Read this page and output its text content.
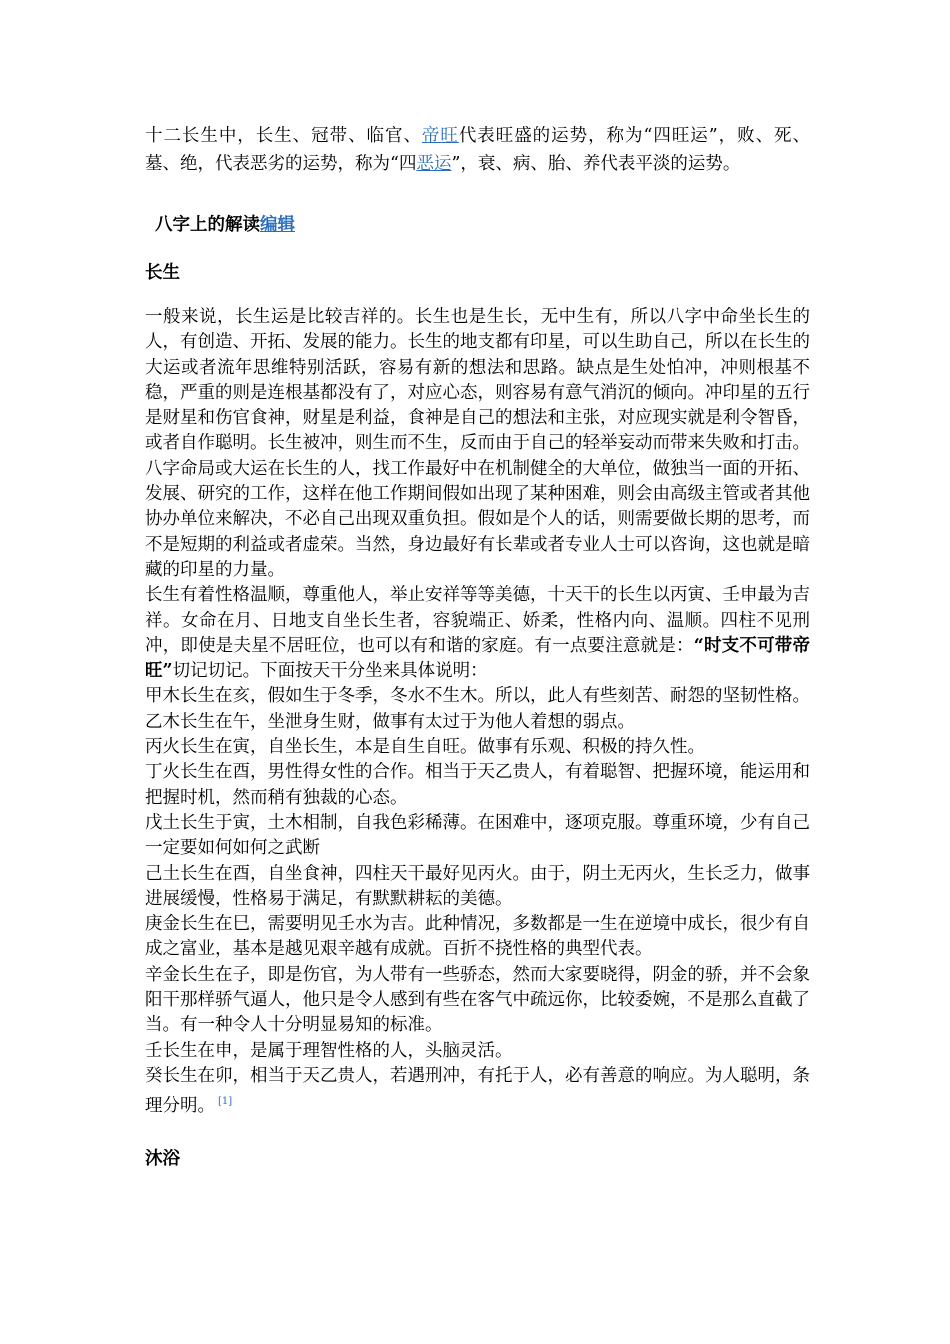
十二长生中，长生、冠带、临官、帝旺代表旺盛的运势，称为“四旺运”，败、死、墓、绝，代表恶劣的运势，称为“四恶运”，衰、病、胎、养代表平淡的运势。

八字上的解读编辑
长生

一般来说，长生运是比较吉祥的。长生也是生长，无中生有，所以八字中命坐长生的人，有创造、开拓、发展的能力。长生的地支都有印星，可以生助自己，所以在长生的大运或者流年思维特别活跃，容易有新的想法和思路。缺点是生处怕冲，冲则根基不稳，严重的则是连根基都没有了，对应心态，则容易有意气消沉的倾向。冲印星的五行是财星和伤官食神，财星是利益，食神是自己的想法和主张，对应现实就是利令智昏，或者自作聪明。长生被冲，则生而不生，反而由于自己的轻举妄动而带来失败和打击。

八字命局或大运在长生的人，找工作最好中在机制健全的大单位，做独当一面的开拓、发展、研究的工作，这样在他工作期间假如出现了某种困难，则会由高级主管或者其他协办单位来解决，不必自己出现双重负担。假如是个人的话，则需要做长期的思考，而不是短期的利益或者虚荣。当然，身边最好有长辈或者专业人士可以咨询，这也就是暗藏的印星的力量。

长生有着性格温顺，尊重他人，举止安祥等等美德，十天干的长生以丙寅、壬申最为吉祥。女命在月、日地支自坐长生者，容貌端正、娇柔，性格内向、温顺。四柱不见刑冲，即使是夫星不居旺位，也可以有和谐的家庭。有一点要注意就是：“时支不可带帝旺”切记切记。下面按天干分坐来具体说明：

甲木长生在亥，假如生于冬季，冬水不生木。所以，此人有些刻苦、耐怨的坚韧性格。

乙木长生在午，坐泄身生财，做事有太过于为他人着想的弱点。

丙火长生在寅，自坐长生，本是自生自旺。做事有乐观、积极的持久性。

丁火长生在酉，男性得女性的合作。相当于天乙贵人，有着聪智、把握环境，能运用和把握时机，然而稍有独裁的心态。

戊土长生于寅，土木相制，自我色彩稀薄。在困难中，逐项克服。尊重环境，少有自己一定要如何如何之武断

己土长生在酉，自坐食神，四柱天干最好见丙火。由于，阴土无丙火，生长乏力，做事进展缓慢，性格易于满足，有默默耕耘的美德。

庚金长生在巳，需要明见壬水为吉。此种情况，多数都是一生在逆境中成长，很少有自成之富业，基本是越见艰辛越有成就。百折不挠性格的典型代表。

辛金长生在子，即是伤官，为人带有一些骄态，然而大家要晓得，阴金的骄，并不会象阳干那样骄气逼人，他只是令人感到有些在客气中疏远你，比较委婉，不是那么直截了当。有一种令人十分明显易知的标准。

壬长生在申，是属于理智性格的人，头脑灵活。

癸长生在卯，相当于天乙贵人，若遇刑冲，有托于人，必有善意的响应。为人聪明，条理分明。 [1]

沐浴
